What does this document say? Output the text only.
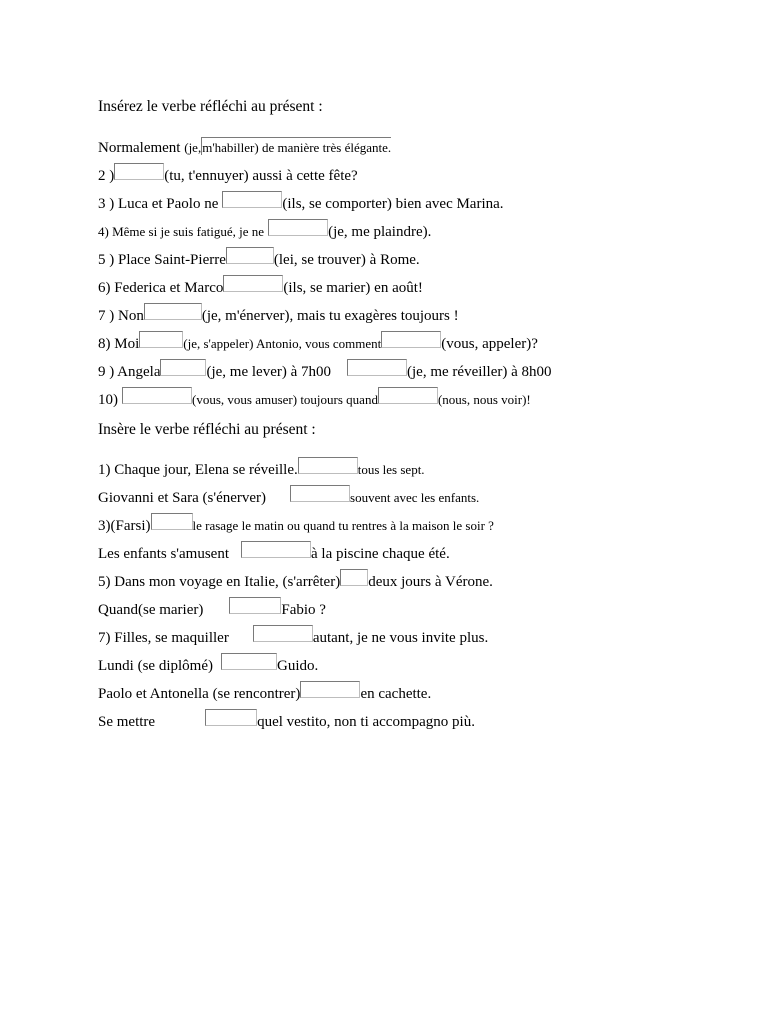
Insérez le verbe réfléchi au présent :
Normalement (je,m'habiller) de manière très élégante.
2 )	(tu, t'ennuyer) aussi à cette fête?
3 ) Luca et Paolo ne	(ils, se comporter) bien avec Marina.
4) Même si je suis fatigué, je ne	(je, me plaindre).
5 ) Place Saint-Pierre	(lei, se trouver) à Rome.
6) Federica et Marco	(ils, se marier) en août!
7 ) Non	(je, m'énerver), mais tu exagères toujours !
8) Moi	(je, s'appeler) Antonio, vous comment	(vous, appeler)?
9 ) Angela	(je, me lever) à 7h00	(je, me réveiller) à 8h00
10)	(vous, vous amuser) toujours quand	(nous, nous voir)!
Insère le verbe réfléchi au présent :
1) Chaque jour, Elena se réveille.	tous les sept.
Giovanni et Sara (s'énerver)	souvent avec les enfants.
3)(Farsi)	le rasage le matin ou quand tu rentres à la maison le soir ?
Les enfants s'amusent	à la piscine chaque été.
5) Dans mon voyage en Italie, (s'arrêter) deux jours à Vérone.
Quand(se marier)	Fabio ?
7) Filles, se maquiller	autant, je ne vous invite plus.
Lundi (se diplômé)	Guido.
Paolo et Antonella (se rencontrer)	en cachette.
Se mettre	quel vestito, non ti accompagno più.
